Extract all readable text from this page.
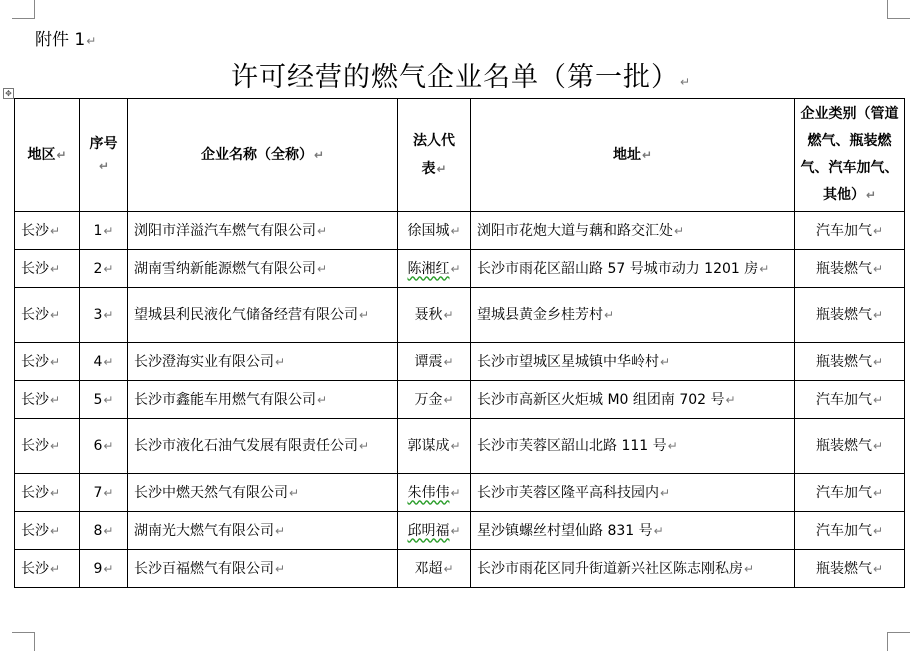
附件 1↵
许可经营的燃气企业名单（第一批）↵
✥
地区↵	序号↵	企业名称（全称）↵	法人代表↵	地址↵	企业类别（管道燃气、瓶装燃气、汽车加气、其他）↵
长沙↵	1↵	浏阳市洋溢汽车燃气有限公司↵	徐国城↵	浏阳市花炮大道与藕和路交汇处↵	汽车加气↵
长沙↵	2↵	湖南雪纳新能源燃气有限公司↵	陈湘红↵	长沙市雨花区韶山路 57 号城市动力 1201 房↵	瓶装燃气↵
长沙↵	3↵	望城县利民液化气储备经营有限公司↵	聂秋↵	望城县黄金乡桂芳村↵	瓶装燃气↵
长沙↵	4↵	长沙澄海实业有限公司↵	谭震↵	长沙市望城区星城镇中华岭村↵	瓶装燃气↵
长沙↵	5↵	长沙市鑫能车用燃气有限公司↵	万金↵	长沙市高新区火炬城 M0 组团南 702 号↵	汽车加气↵
长沙↵	6↵	长沙市液化石油气发展有限责任公司↵	郭谋成↵	长沙市芙蓉区韶山北路 111 号↵	瓶装燃气↵
长沙↵	7↵	长沙中燃天然气有限公司↵	朱伟伟↵	长沙市芙蓉区隆平高科技园内↵	汽车加气↵
长沙↵	8↵	湖南光大燃气有限公司↵	邱明福↵	星沙镇螺丝村望仙路 831 号↵	汽车加气↵
长沙↵	9↵	长沙百福燃气有限公司↵	邓超↵	长沙市雨花区同升街道新兴社区陈志刚私房↵	瓶装燃气↵
